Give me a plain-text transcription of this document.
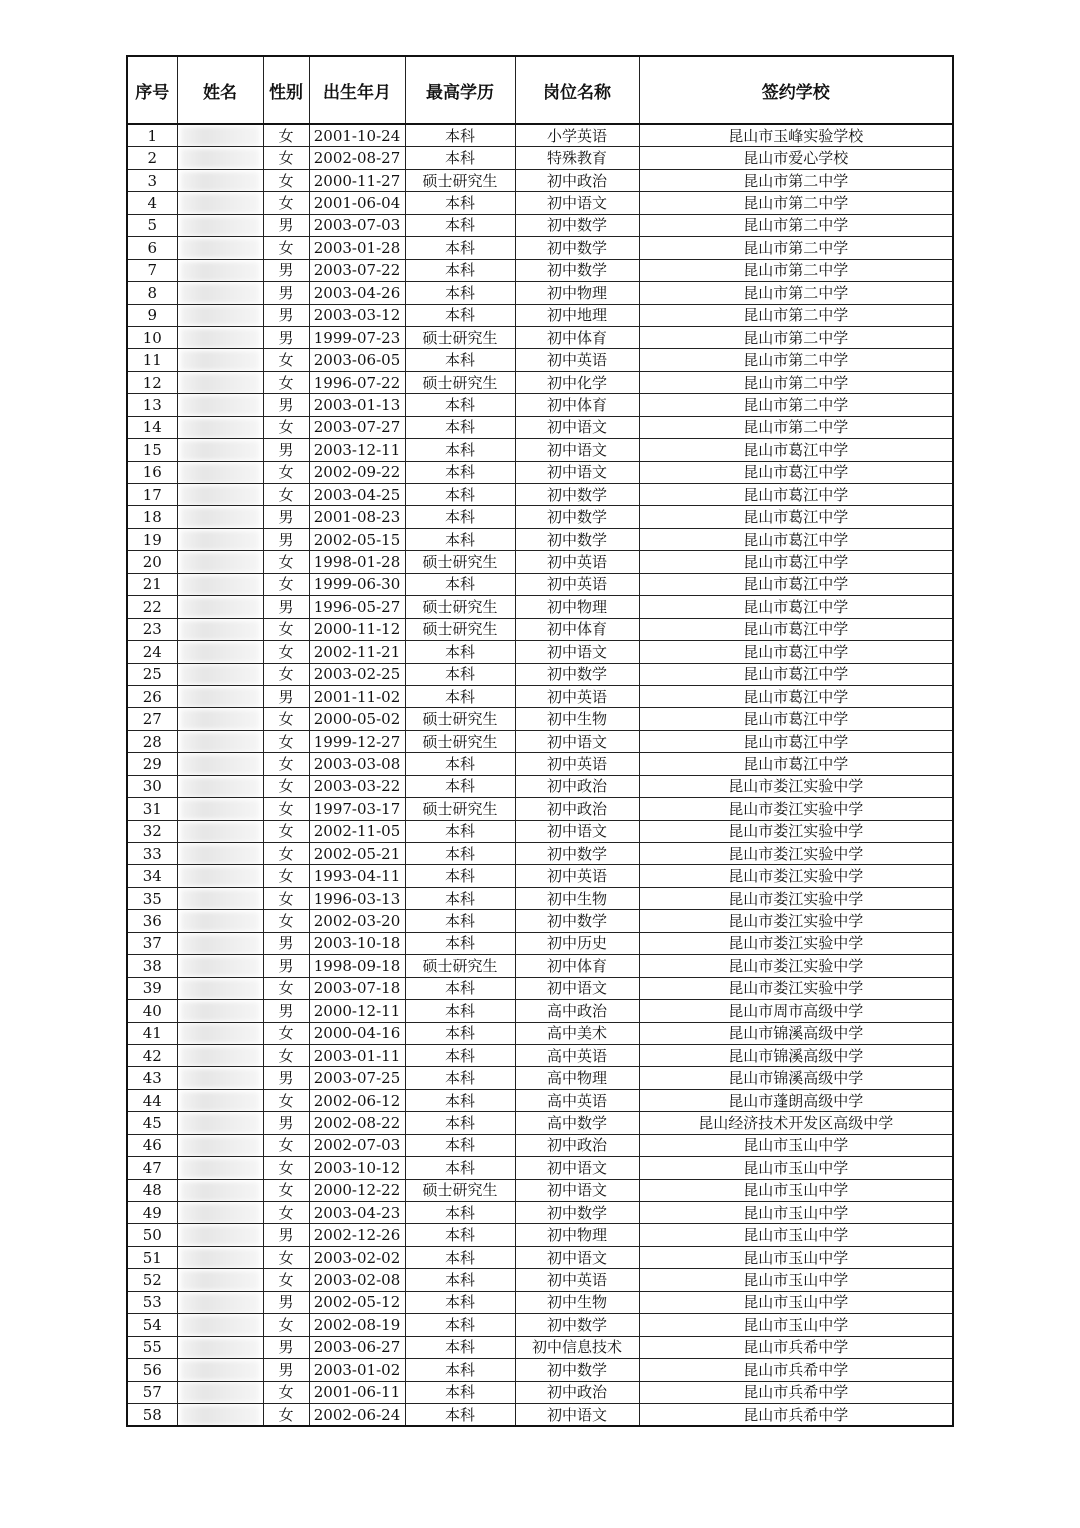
序号	姓名	性别	出生年月	最高学历	岗位名称	签约学校
1		女	2001-10-24	本科	小学英语	昆山市玉峰实验学校
2		女	2002-08-27	本科	特殊教育	昆山市爱心学校
3		女	2000-11-27	硕士研究生	初中政治	昆山市第二中学
4		女	2001-06-04	本科	初中语文	昆山市第二中学
5		男	2003-07-03	本科	初中数学	昆山市第二中学
6		女	2003-01-28	本科	初中数学	昆山市第二中学
7		男	2003-07-22	本科	初中数学	昆山市第二中学
8		男	2003-04-26	本科	初中物理	昆山市第二中学
9		男	2003-03-12	本科	初中地理	昆山市第二中学
10		男	1999-07-23	硕士研究生	初中体育	昆山市第二中学
11		女	2003-06-05	本科	初中英语	昆山市第二中学
12		女	1996-07-22	硕士研究生	初中化学	昆山市第二中学
13		男	2003-01-13	本科	初中体育	昆山市第二中学
14		女	2003-07-27	本科	初中语文	昆山市第二中学
15		男	2003-12-11	本科	初中语文	昆山市葛江中学
16		女	2002-09-22	本科	初中语文	昆山市葛江中学
17		女	2003-04-25	本科	初中数学	昆山市葛江中学
18		男	2001-08-23	本科	初中数学	昆山市葛江中学
19		男	2002-05-15	本科	初中数学	昆山市葛江中学
20		女	1998-01-28	硕士研究生	初中英语	昆山市葛江中学
21		女	1999-06-30	本科	初中英语	昆山市葛江中学
22		男	1996-05-27	硕士研究生	初中物理	昆山市葛江中学
23		女	2000-11-12	硕士研究生	初中体育	昆山市葛江中学
24		女	2002-11-21	本科	初中语文	昆山市葛江中学
25		女	2003-02-25	本科	初中数学	昆山市葛江中学
26		男	2001-11-02	本科	初中英语	昆山市葛江中学
27		女	2000-05-02	硕士研究生	初中生物	昆山市葛江中学
28		女	1999-12-27	硕士研究生	初中语文	昆山市葛江中学
29		女	2003-03-08	本科	初中英语	昆山市葛江中学
30		女	2003-03-22	本科	初中政治	昆山市娄江实验中学
31		女	1997-03-17	硕士研究生	初中政治	昆山市娄江实验中学
32		女	2002-11-05	本科	初中语文	昆山市娄江实验中学
33		女	2002-05-21	本科	初中数学	昆山市娄江实验中学
34		女	1993-04-11	本科	初中英语	昆山市娄江实验中学
35		女	1996-03-13	本科	初中生物	昆山市娄江实验中学
36		女	2002-03-20	本科	初中数学	昆山市娄江实验中学
37		男	2003-10-18	本科	初中历史	昆山市娄江实验中学
38		男	1998-09-18	硕士研究生	初中体育	昆山市娄江实验中学
39		女	2003-07-18	本科	初中语文	昆山市娄江实验中学
40		男	2000-12-11	本科	高中政治	昆山市周市高级中学
41		女	2000-04-16	本科	高中美术	昆山市锦溪高级中学
42		女	2003-01-11	本科	高中英语	昆山市锦溪高级中学
43		男	2003-07-25	本科	高中物理	昆山市锦溪高级中学
44		女	2002-06-12	本科	高中英语	昆山市蓬朗高级中学
45		男	2002-08-22	本科	高中数学	昆山经济技术开发区高级中学
46		女	2002-07-03	本科	初中政治	昆山市玉山中学
47		女	2003-10-12	本科	初中语文	昆山市玉山中学
48		女	2000-12-22	硕士研究生	初中语文	昆山市玉山中学
49		女	2003-04-23	本科	初中数学	昆山市玉山中学
50		男	2002-12-26	本科	初中物理	昆山市玉山中学
51		女	2003-02-02	本科	初中语文	昆山市玉山中学
52		女	2003-02-08	本科	初中英语	昆山市玉山中学
53		男	2002-05-12	本科	初中生物	昆山市玉山中学
54		女	2002-08-19	本科	初中数学	昆山市玉山中学
55		男	2003-06-27	本科	初中信息技术	昆山市兵希中学
56		男	2003-01-02	本科	初中数学	昆山市兵希中学
57		女	2001-06-11	本科	初中政治	昆山市兵希中学
58		女	2002-06-24	本科	初中语文	昆山市兵希中学
